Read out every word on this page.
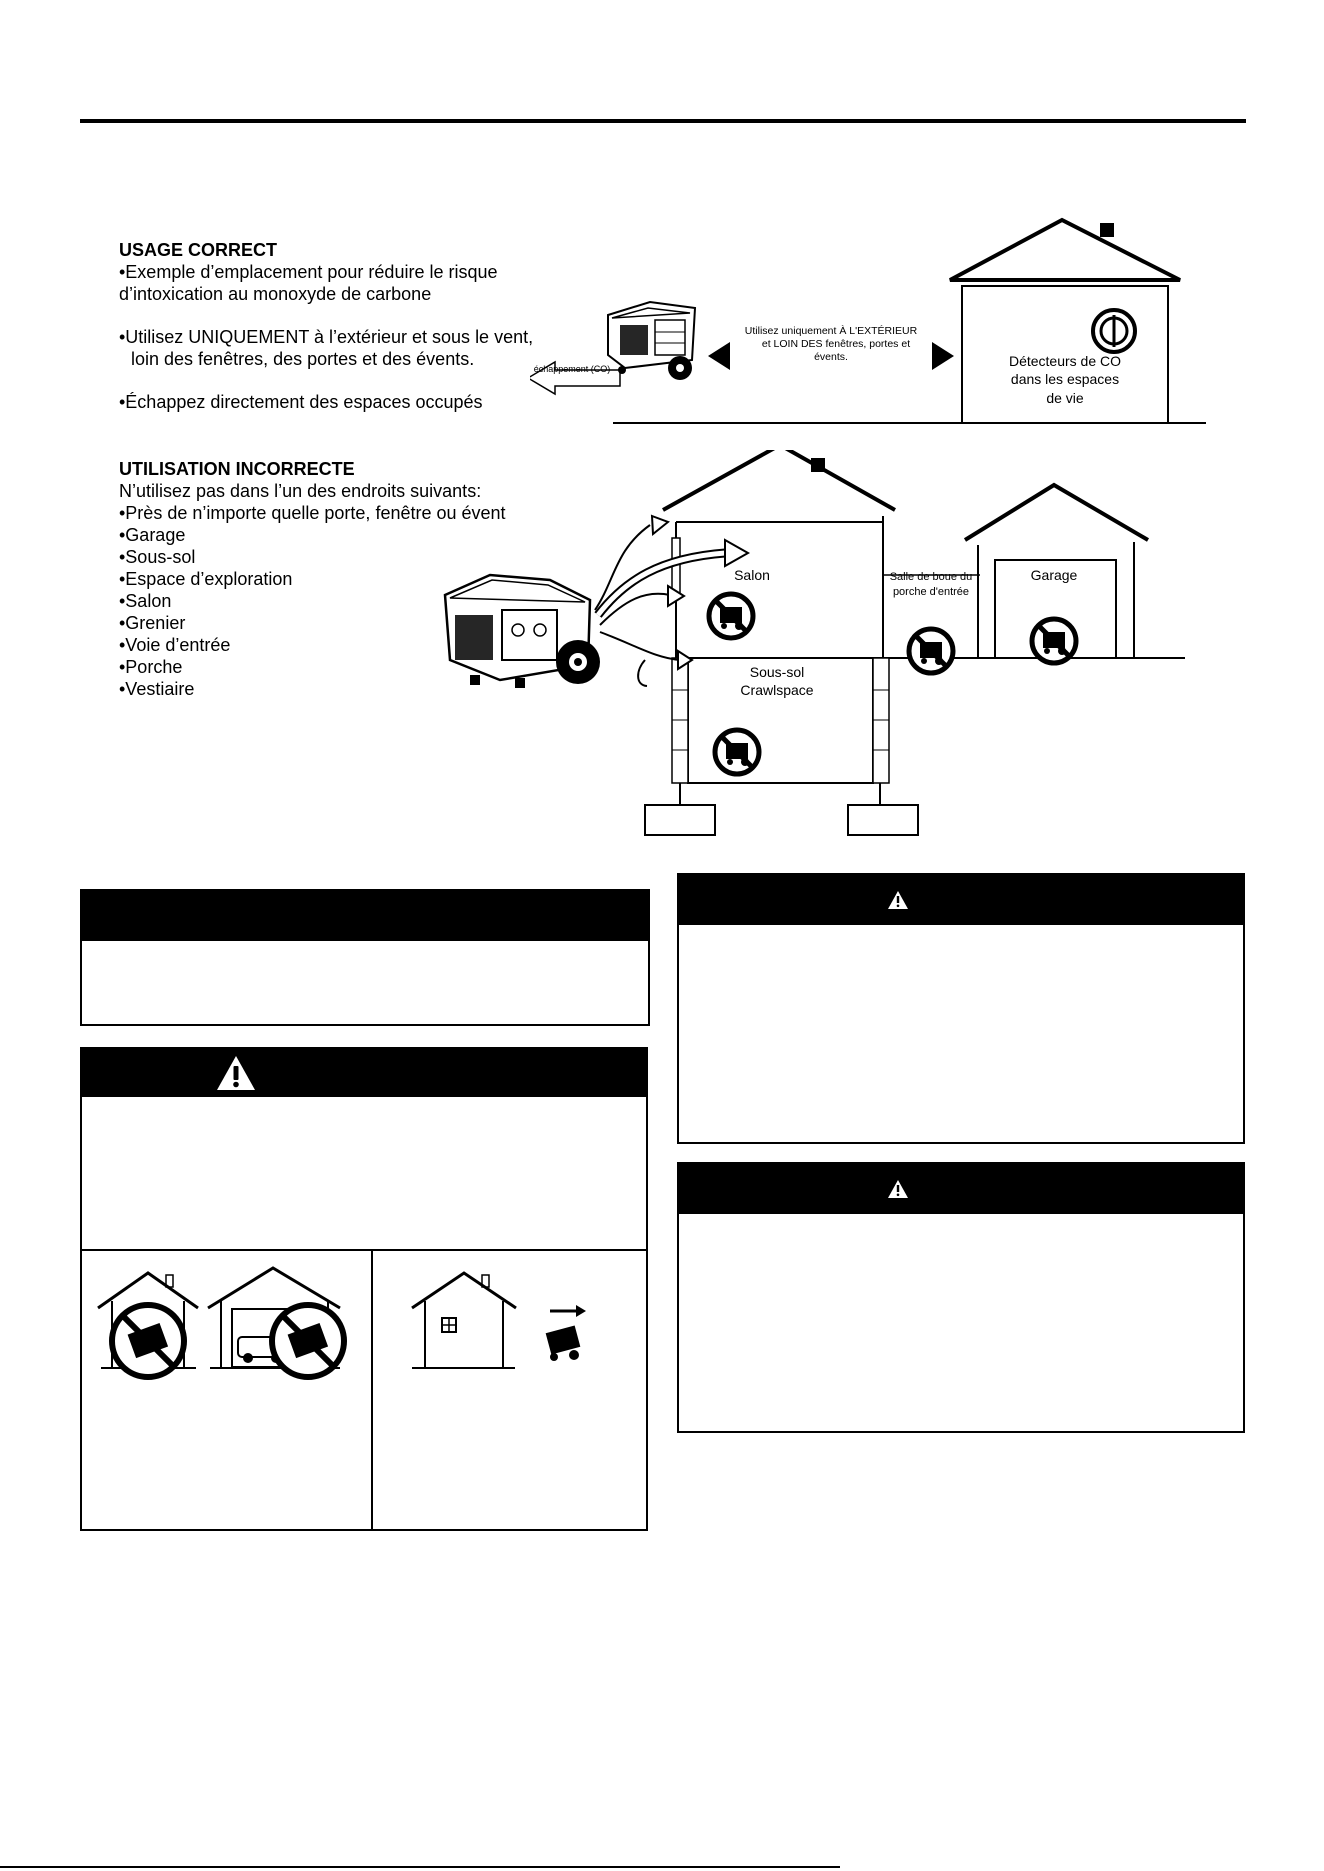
USAGE CORRECT

•Exemple d’emplacement pour réduire le risque

d’intoxication au monoxyde de carbone

•Utilisez UNIQUEMENT à l’extérieur et sous le vent,

loin des fenêtres, des portes et des évents.

•Échappez directement des espaces occupés

échappement (CO)
Utilisez uniquement À L'EXTÉRIEUR
et LOIN DES fenêtres, portes et
évents.	Détecteurs de CO
dans les espaces
de vie

UTILISATION INCORRECTE

N’utilisez pas dans l’un des endroits suivants:

•Près de n’importe quelle porte, fenêtre ou évent

•Garage

•Sous-sol

•Espace d’exploration

•Salon

•Grenier

•Voie d’entrée

•Porche

•Vestiaire

Salon	Salle de boue du
porche d'entrée
Garage
Sous-sol
Crawlspace
